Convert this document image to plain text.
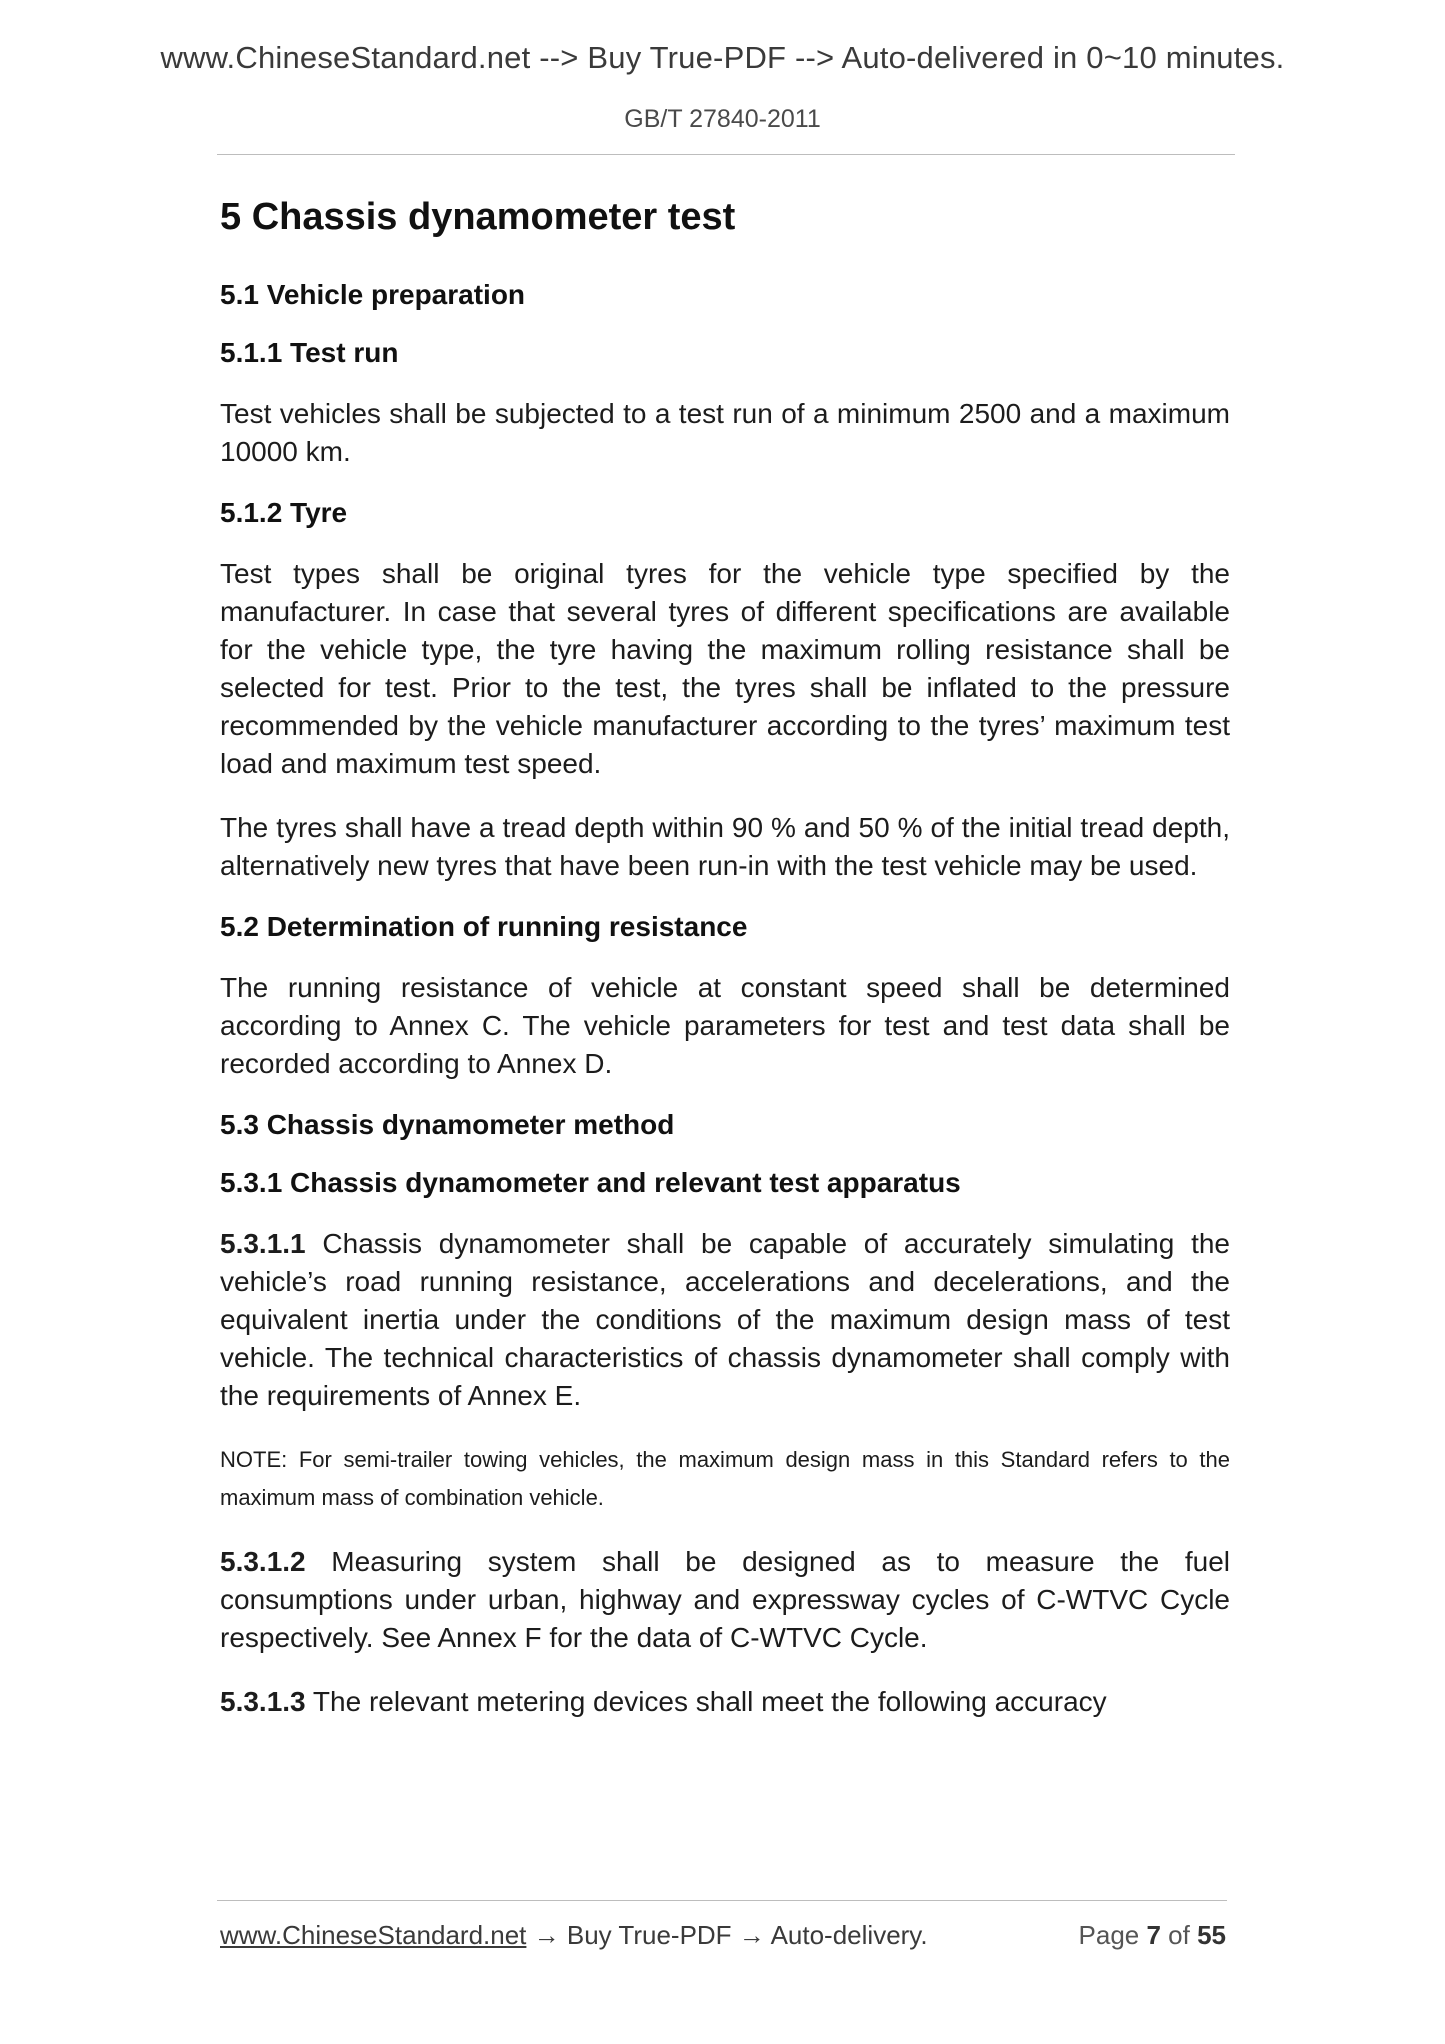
www.ChineseStandard.net --> Buy True-PDF --> Auto-delivered in 0~10 minutes.
GB/T 27840-2011
5 Chassis dynamometer test
5.1 Vehicle preparation
5.1.1 Test run

Test vehicles shall be subjected to a test run of a minimum 2500 and a maximum 10000 km.

5.1.2 Tyre

Test types shall be original tyres for the vehicle type specified by the manufacturer. In case that several tyres of different specifications are available for the vehicle type, the tyre having the maximum rolling resistance shall be selected for test. Prior to the test, the tyres shall be inflated to the pressure recommended by the vehicle manufacturer according to the tyres’ maximum test load and maximum test speed.

The tyres shall have a tread depth within 90 % and 50 % of the initial tread depth, alternatively new tyres that have been run-in with the test vehicle may be used.

5.2 Determination of running resistance

The running resistance of vehicle at constant speed shall be determined according to Annex C. The vehicle parameters for test and test data shall be recorded according to Annex D.

5.3 Chassis dynamometer method
5.3.1 Chassis dynamometer and relevant test apparatus

5.3.1.1 Chassis dynamometer shall be capable of accurately simulating the vehicle’s road running resistance, accelerations and decelerations, and the equivalent inertia under the conditions of the maximum design mass of test vehicle. The technical characteristics of chassis dynamometer shall comply with the requirements of Annex E.

NOTE: For semi-trailer towing vehicles, the maximum design mass in this Standard refers to the maximum mass of combination vehicle.

5.3.1.2 Measuring system shall be designed as to measure the fuel consumptions under urban, highway and expressway cycles of C-WTVC Cycle respectively. See Annex F for the data of C-WTVC Cycle.

5.3.1.3 The relevant metering devices shall meet the following accuracy

www.ChineseStandard.net → Buy True-PDF → Auto-delivery.	Page 7 of 55
